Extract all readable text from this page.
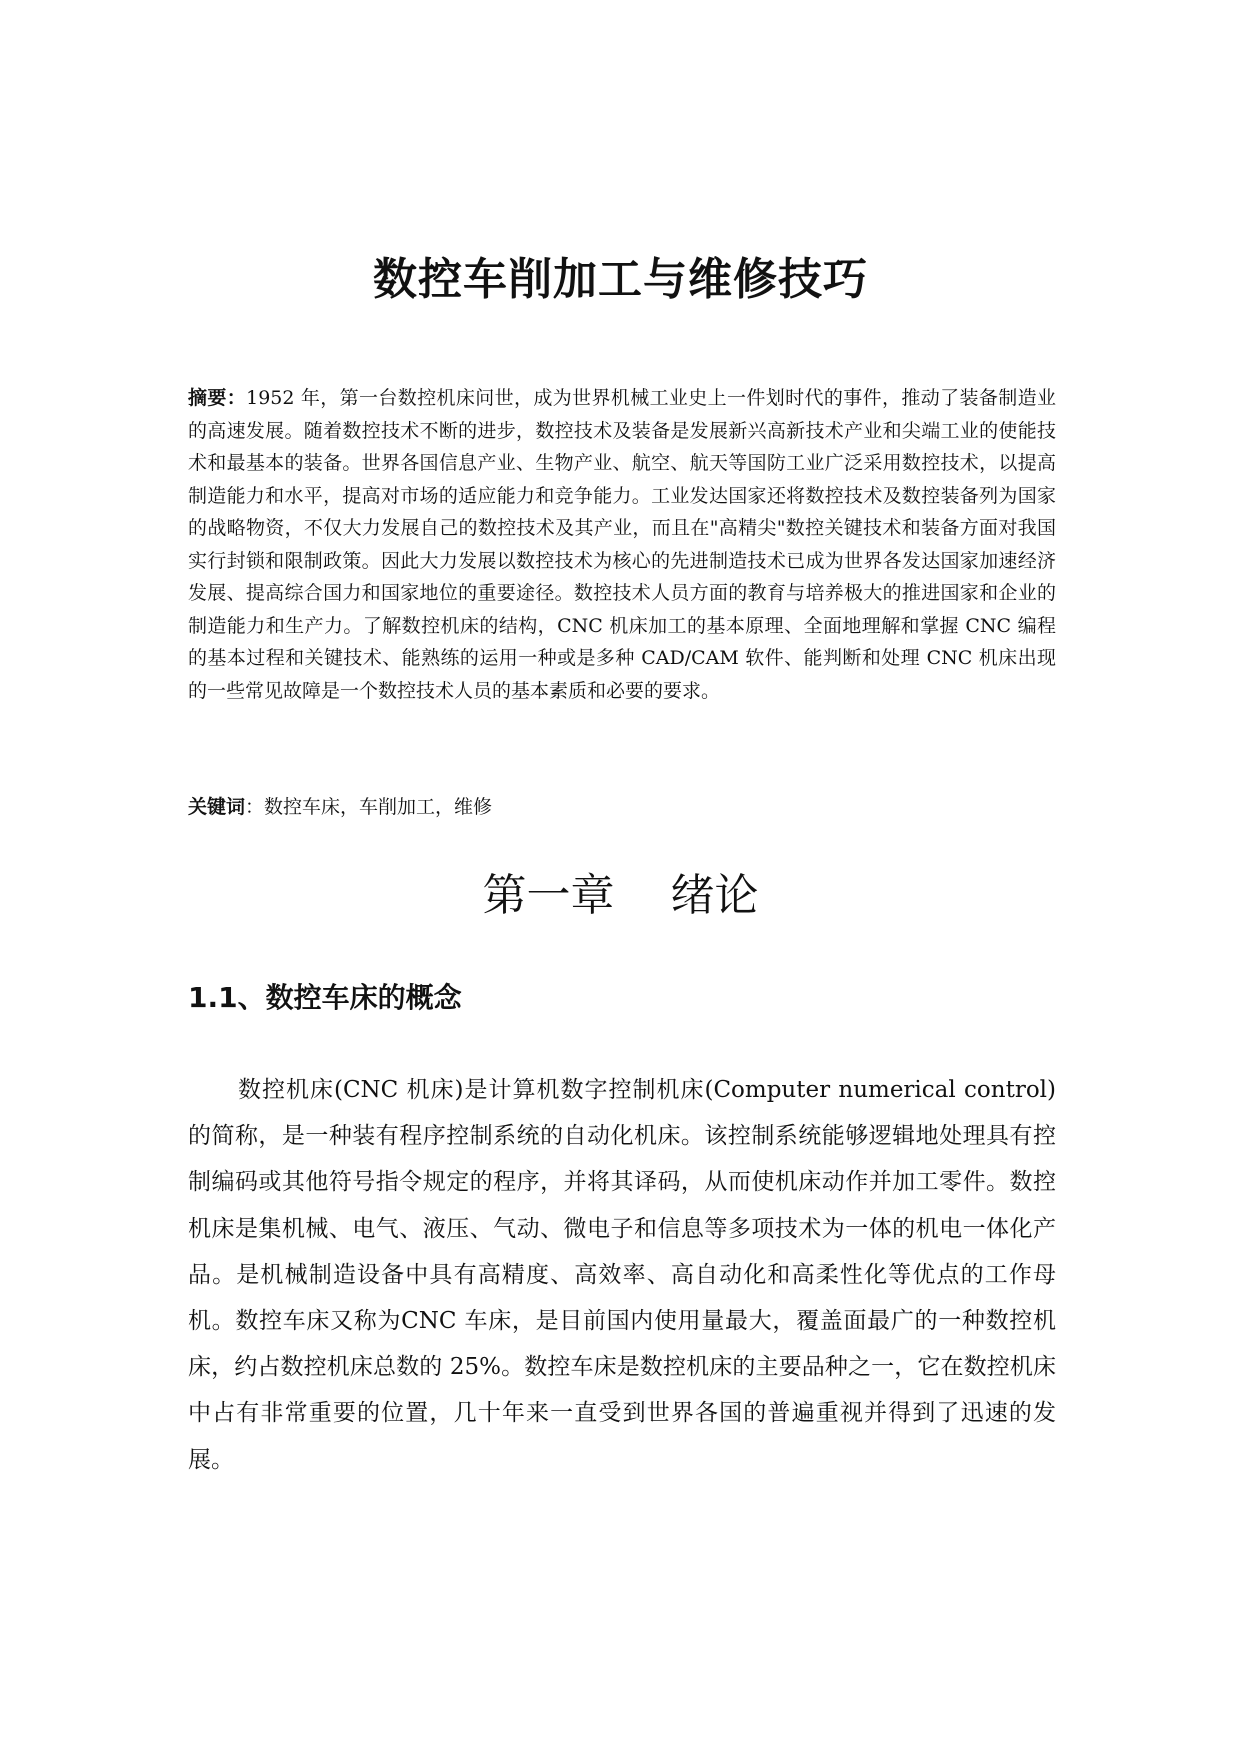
数控车削加工与维修技巧
摘要：1952 年，第一台数控机床问世，成为世界机械工业史上一件划时代的事件，推动了装备制造业的高速发展。随着数控技术不断的进步，数控技术及装备是发展新兴高新技术产业和尖端工业的使能技术和最基本的装备。世界各国信息产业、生物产业、航空、航天等国防工业广泛采用数控技术，以提高制造能力和水平，提高对市场的适应能力和竞争能力。工业发达国家还将数控技术及数控装备列为国家的战略物资，不仅大力发展自己的数控技术及其产业，而且在"高精尖"数控关键技术和装备方面对我国实行封锁和限制政策。因此大力发展以数控技术为核心的先进制造技术已成为世界各发达国家加速经济发展、提高综合国力和国家地位的重要途径。数控技术人员方面的教育与培养极大的推进国家和企业的制造能力和生产力。了解数控机床的结构，CNC 机床加工的基本原理、全面地理解和掌握 CNC 编程的基本过程和关键技术、能熟练的运用一种或是多种 CAD/CAM 软件、能判断和处理 CNC 机床出现的一些常见故障是一个数控技术人员的基本素质和必要的要求。
关键词：数控车床，车削加工，维修
第一章    绪论
1.1、数控车床的概念
数控机床(CNC 机床)是计算机数字控制机床(Computer numerical control)的简称，是一种装有程序控制系统的自动化机床。该控制系统能够逻辑地处理具有控制编码或其他符号指令规定的程序，并将其译码，从而使机床动作并加工零件。数控机床是集机械、电气、液压、气动、微电子和信息等多项技术为一体的机电一体化产品。是机械制造设备中具有高精度、高效率、高自动化和高柔性化等优点的工作母机。数控车床又称为CNC 车床，是目前国内使用量最大，覆盖面最广的一种数控机床，约占数控机床总数的 25%。数控车床是数控机床的主要品种之一，它在数控机床中占有非常重要的位置，几十年来一直受到世界各国的普遍重视并得到了迅速的发展。
